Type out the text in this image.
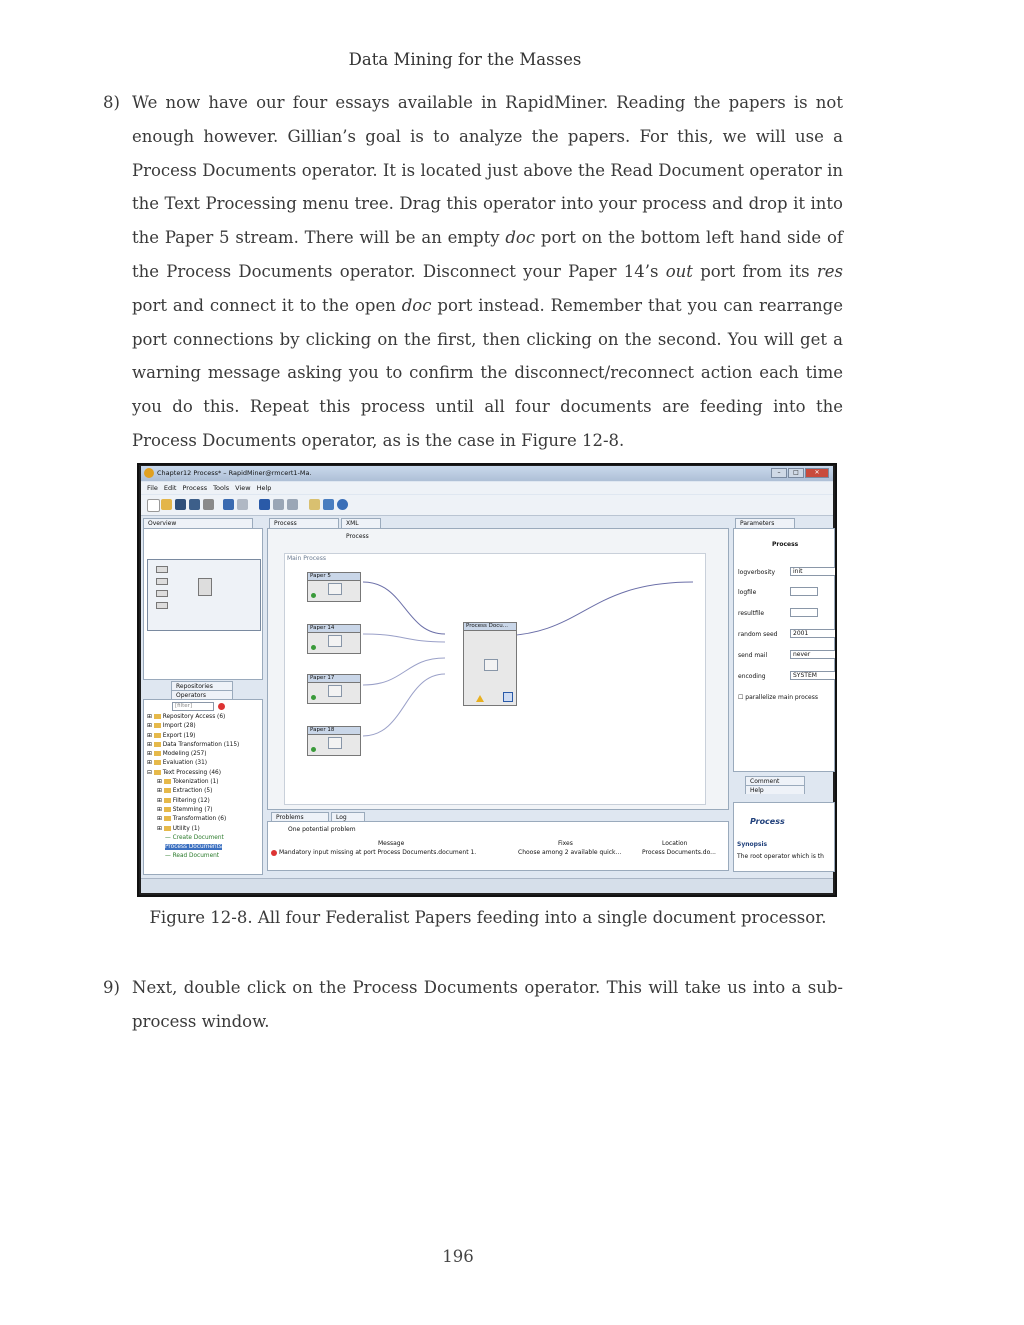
Data Mining for the Masses
8) We now have our four essays available in RapidMiner. Reading the papers is not enough however. Gillian’s goal is to analyze the papers. For this, we will use a Process Documents operator. It is located just above the Read Document operator in the Text Processing menu tree. Drag this operator into your process and drop it into the Paper 5 stream. There will be an empty doc port on the bottom left hand side of the Process Documents operator. Disconnect your Paper 14’s out port from its res port and connect it to the open doc port instead. Remember that you can rearrange port connections by clicking on the first, then clicking on the second. You will get a warning message asking you to confirm the disconnect/reconnect action each time you do this. Repeat this process until all four documents are feeding into the Process Documents operator, as is the case in Figure 12-8.
Chapter12 Process* – RapidMiner@rmcert1-Ma.	–	□	✕
File Edit Process Tools View Help
Overview
Repositories
Operators
[filter]
⊞ Repository Access (6)
⊞ Import (28)
⊞ Export (19)
⊞ Data Transformation (115)
⊞ Modeling (257)
⊞ Evaluation (31)
⊟ Text Processing (46)
⊞ Tokenization (1)
⊞ Extraction (5)
⊞ Filtering (12)
⊞ Stemming (7)
⊞ Transformation (6)
⊞ Utility (1)
— Create Document
Process Documents
— Read Document
Process	XML
Process
Main Process
Paper 5
Paper 14
Paper 17
Paper 18
Process Docu...
Parameters
Process
logverbosity	init
logfile
resultfile
random seed	2001
send mail	never
encoding	SYSTEM
☐ parallelize main process
Comment
Help
Process
Synopsis
The root operator which is th
Problems	Log
One potential problem
Message	Fixes	Location
Mandatory input missing at port Process Documents.document 1.	Choose among 2 available quick...	Process Documents.do...
Figure 12-8. All four Federalist Papers feeding into a single document processor.
9) Next, double click on the Process Documents operator. This will take us into a sub-process window.
196
